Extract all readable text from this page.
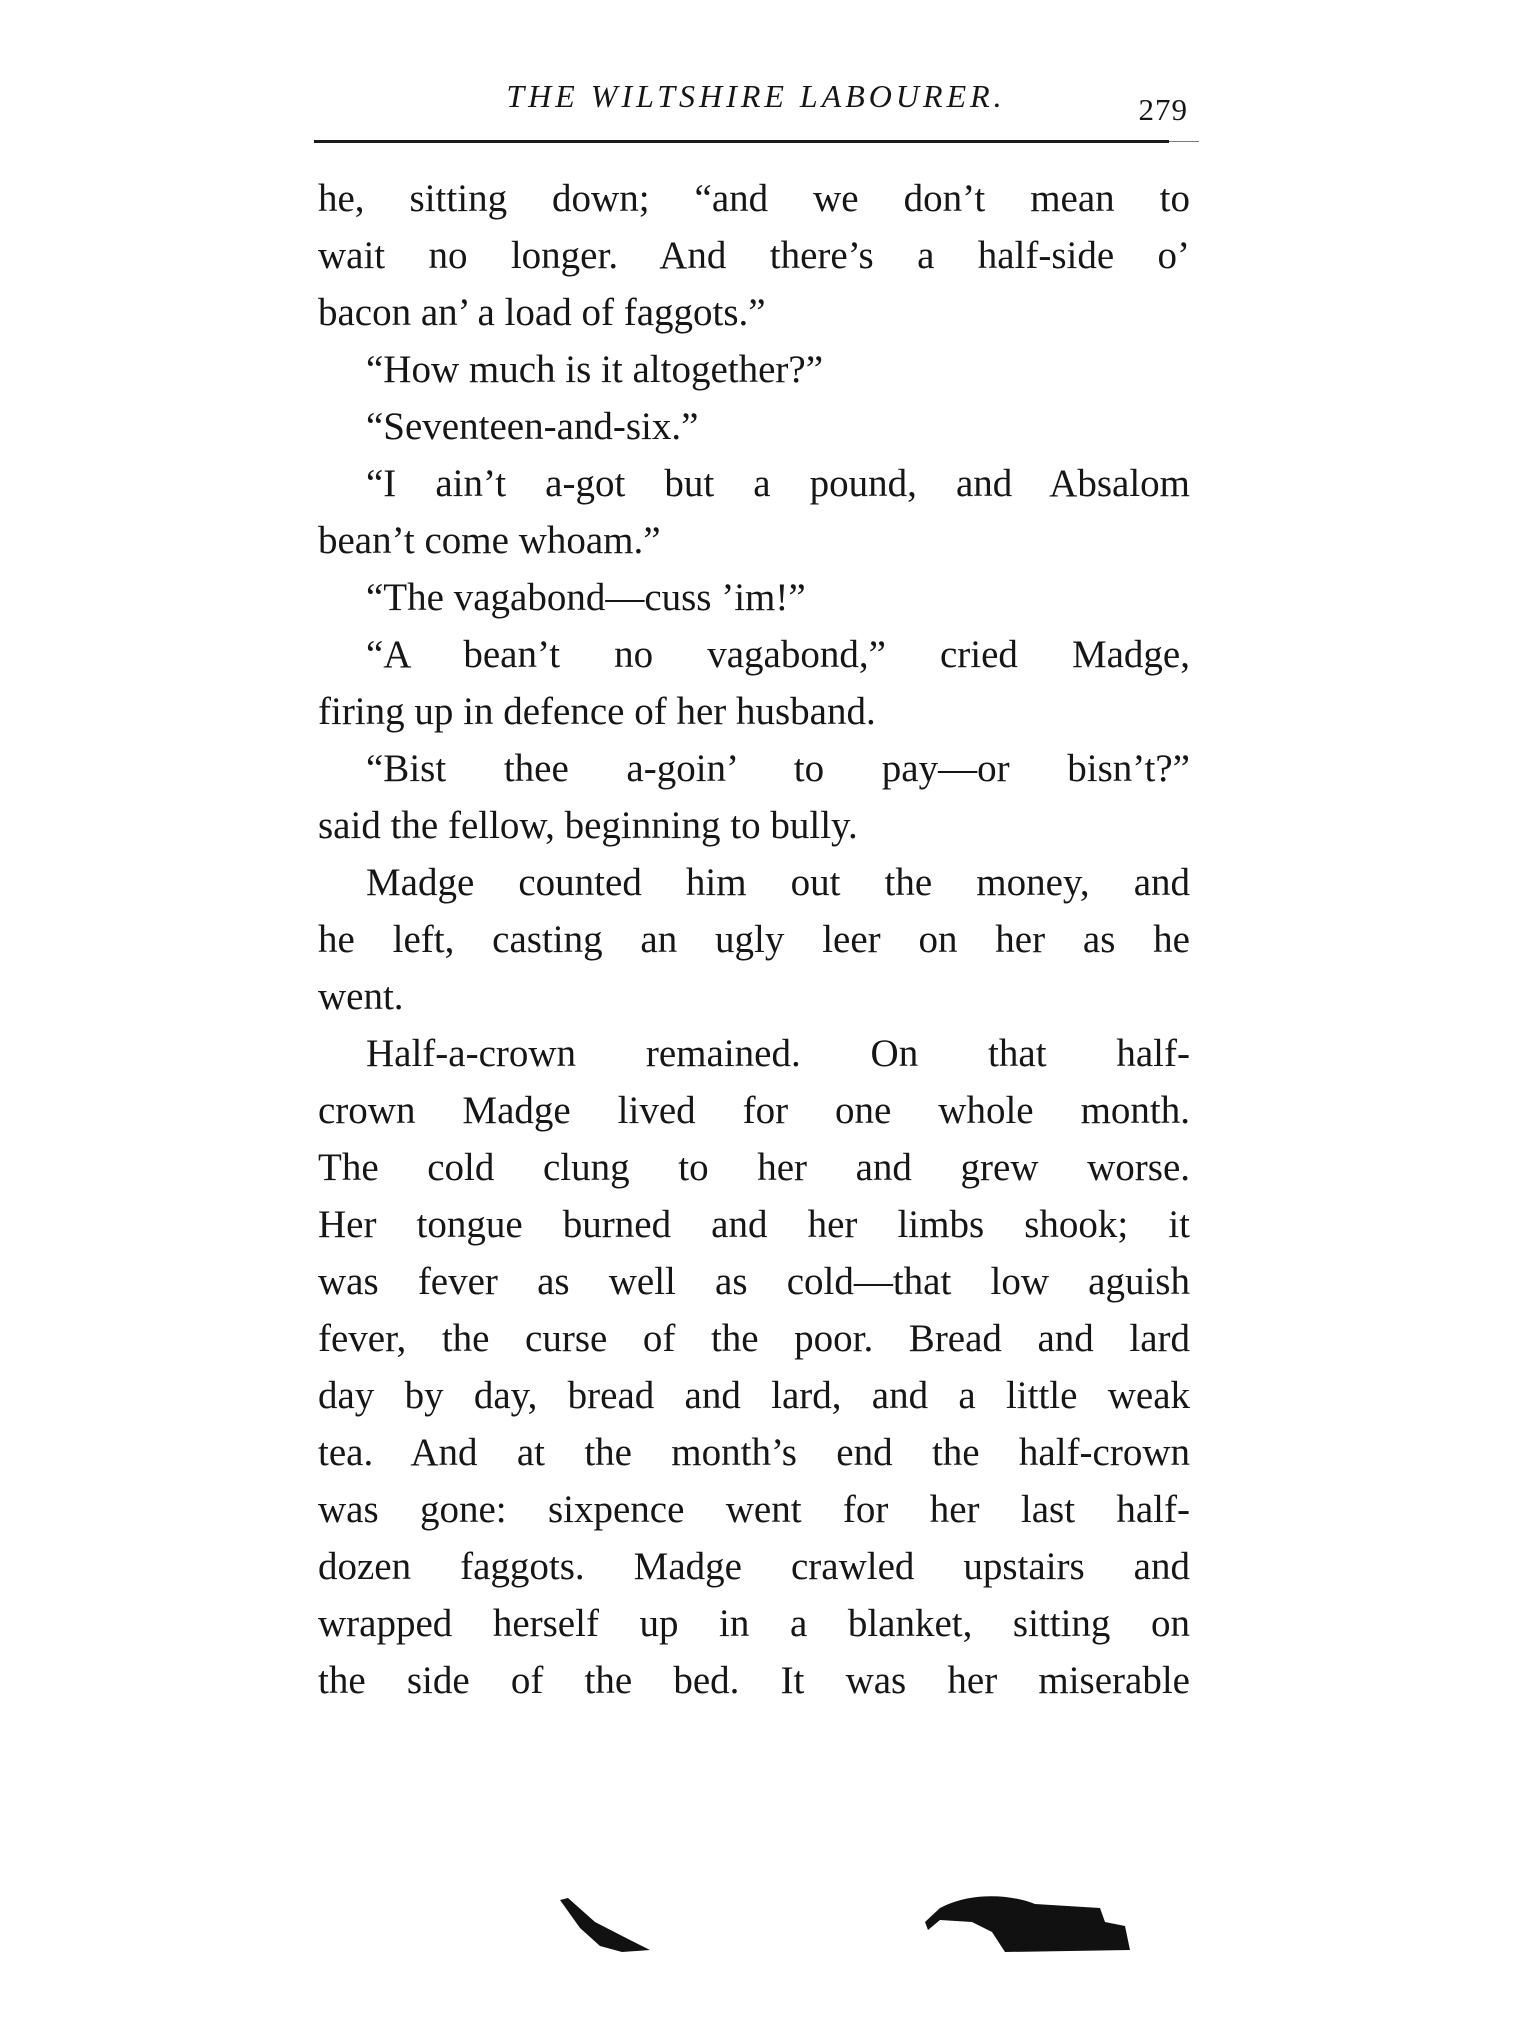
THE WILTSHIRE LABOURER.	279
he, sitting down; “and we don’t mean to
wait no longer. And there’s a half-side o’
bacon an’ a load of faggots.”
“How much is it altogether?”
“Seventeen-and-six.”
“I ain’t a-got but a pound, and Absalom
bean’t come whoam.”
“The vagabond—cuss ’im!”
“A bean’t no vagabond,” cried Madge,
firing up in defence of her husband.
“Bist thee a-goin’ to pay—or bisn’t?”
said the fellow, beginning to bully.
Madge counted him out the money, and
he left, casting an ugly leer on her as he
went.
Half-a-crown remained. On that half-
crown Madge lived for one whole month.
The cold clung to her and grew worse.
Her tongue burned and her limbs shook; it
was fever as well as cold—that low aguish
fever, the curse of the poor. Bread and lard
day by day, bread and lard, and a little weak
tea. And at the month’s end the half-crown
was gone: sixpence went for her last half-
dozen faggots. Madge crawled upstairs and
wrapped herself up in a blanket, sitting on
the side of the bed. It was her miserable
